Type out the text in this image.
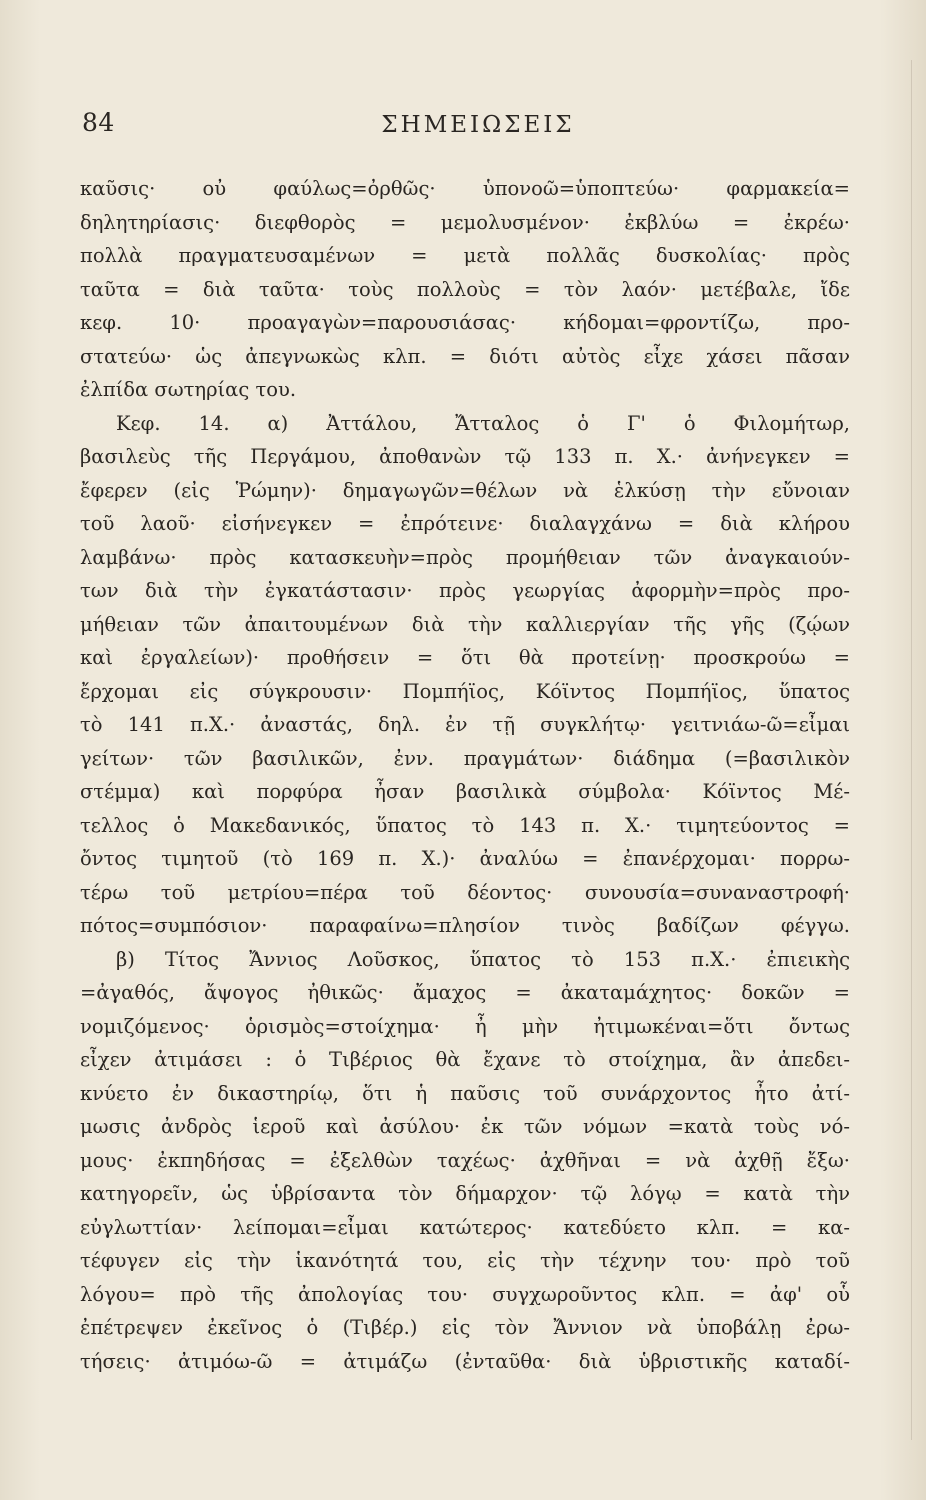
84	ΣΗΜΕΙΩΣΕΙΣ
καῦσις· οὐ φαύλως=ὀρθῶς· ὑπονοῶ=ὑποπτεύω· φαρμακεία=
δηλητηρίασις· διεφθορὸς = μεμολυσμένον· ἐκβλύω = ἐκρέω·
πολλὰ πραγματευσαμένων = μετὰ πολλᾶς δυσκολίας· πρὸς
ταῦτα = διὰ ταῦτα· τοὺς πολλοὺς = τὸν λαόν· μετέβαλε, ἴδε
κεφ. 10· προαγαγὼν=παρουσιάσας· κήδομαι=φροντίζω, προ-
στατεύω· ὡς ἀπεγνωκὼς κλπ. = διότι αὐτὸς εἶχε χάσει πᾶσαν
ἐλπίδα σωτηρίας του.
Κεφ. 14. α) Ἀττάλου, Ἄτταλος ὁ Γ' ὁ Φιλομήτωρ,
βασιλεὺς τῆς Περγάμου, ἀποθανὼν τῷ 133 π. Χ.· ἀνήνεγκεν =
ἔφερεν (εἰς Ῥώμην)· δημαγωγῶν=θέλων νὰ ἑλκύσῃ τὴν εὔνοιαν
τοῦ λαοῦ· εἰσήνεγκεν = ἐπρότεινε· διαλαγχάνω = διὰ κλήρου
λαμβάνω· πρὸς κατασκευὴν=πρὸς προμήθειαν τῶν ἀναγκαιούν-
των διὰ τὴν ἐγκατάστασιν· πρὸς γεωργίας ἀφορμὴν=πρὸς προ-
μήθειαν τῶν ἀπαιτουμένων διὰ τὴν καλλιεργίαν τῆς γῆς (ζῴων
καὶ ἐργαλείων)· προθήσειν = ὅτι θὰ προτείνῃ· προσκρούω =
ἔρχομαι εἰς σύγκρουσιν· Πομπήϊος, Κόϊντος Πομπήϊος, ὕπατος
τὸ 141 π.Χ.· ἀναστάς, δηλ. ἐν τῇ συγκλήτῳ· γειτνιάω-ῶ=εἶμαι
γείτων· τῶν βασιλικῶν, ἐνν. πραγμάτων· διάδημα (=βασιλικὸν
στέμμα) καὶ πορφύρα ἦσαν βασιλικὰ σύμβολα· Κόϊντος Μέ-
τελλος ὁ Μακεδανικός, ὕπατος τὸ 143 π. Χ.· τιμητεύοντος =
ὄντος τιμητοῦ (τὸ 169 π. Χ.)· ἀναλύω = ἐπανέρχομαι· πορρω-
τέρω τοῦ μετρίου=πέρα τοῦ δέοντος· συνουσία=συναναστροφή·
πότος=συμπόσιον· παραφαίνω=πλησίον τινὸς βαδίζων φέγγω.
β) Τίτος Ἄννιος Λοῦσκος, ὕπατος τὸ 153 π.Χ.· ἐπιεικὴς
=ἀγαθός, ἄψογος ἠθικῶς· ἄμαχος = ἀκαταμάχητος· δοκῶν =
νομιζόμενος· ὁρισμὸς=στοίχημα· ἦ μὴν ἠτιμωκέναι=ὅτι ὄντως
εἶχεν ἀτιμάσει : ὁ Τιβέριος θὰ ἔχανε τὸ στοίχημα, ἂν ἀπεδει-
κνύετο ἐν δικαστηρίῳ, ὅτι ἡ παῦσις τοῦ συνάρχοντος ἦτο ἀτί-
μωσις ἀνδρὸς ἱεροῦ καὶ ἀσύλου· ἐκ τῶν νόμων =κατὰ τοὺς νό-
μους· ἐκπηδήσας = ἐξελθὼν ταχέως· ἀχθῆναι = νὰ ἀχθῇ ἔξω·
κατηγορεῖν, ὡς ὑβρίσαντα τὸν δήμαρχον· τῷ λόγῳ = κατὰ τὴν
εὐγλωττίαν· λείπομαι=εἶμαι κατώτερος· κατεδύετο κλπ. = κα-
τέφυγεν εἰς τὴν ἱκανότητά του, εἰς τὴν τέχνην του· πρὸ τοῦ
λόγου= πρὸ τῆς ἀπολογίας του· συγχωροῦντος κλπ. = ἀφ' οὗ
ἐπέτρεψεν ἐκεῖνος ὁ (Τιβέρ.) εἰς τὸν Ἄννιον νὰ ὑποβάλῃ ἐρω-
τήσεις· ἀτιμόω-ῶ = ἀτιμάζω (ἐνταῦθα· διὰ ὑβριστικῆς καταδί-
